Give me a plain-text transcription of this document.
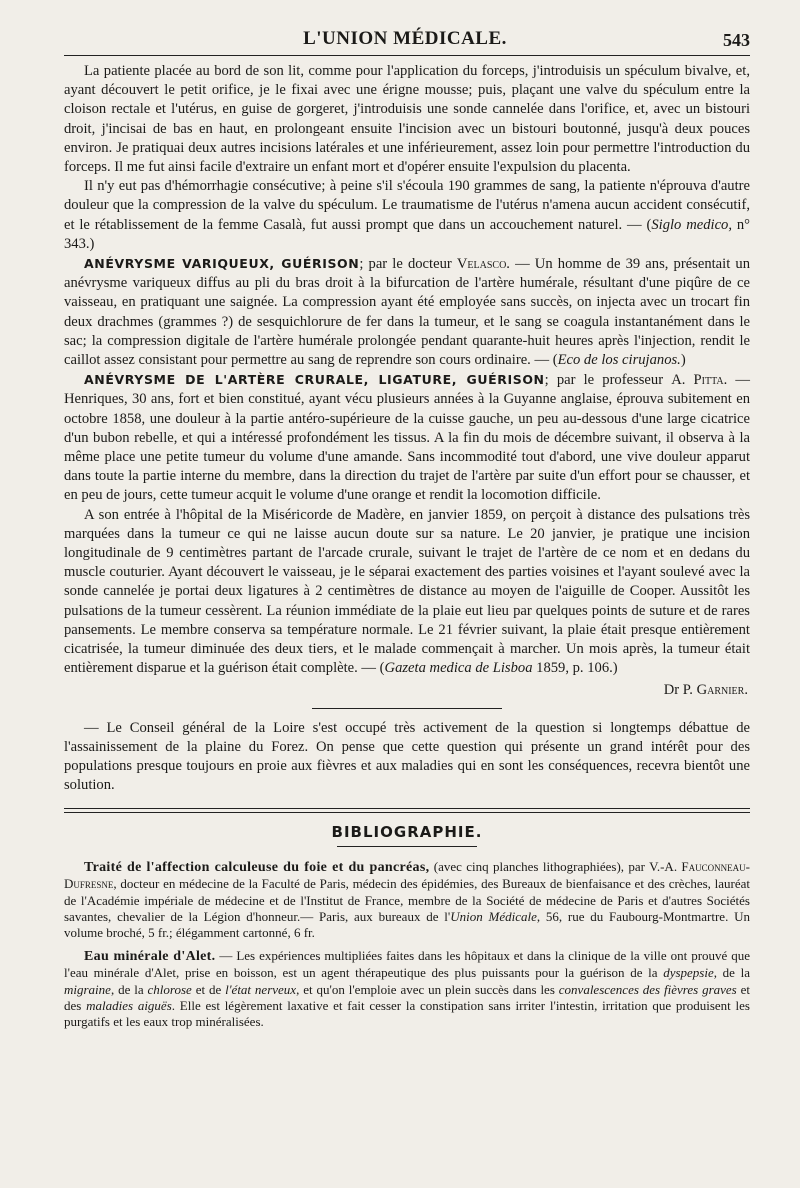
L'UNION MÉDICALE.	543

La patiente placée au bord de son lit, comme pour l'application du forceps, j'introduisis un spéculum bivalve, et, ayant découvert le petit orifice, je le fixai avec une érigne mousse; puis, plaçant une valve du spéculum entre la cloison rectale et l'utérus, en guise de gorgeret, j'introduisis une sonde cannelée dans l'orifice, et, avec un bistouri droit, j'incisai de bas en haut, en prolongeant ensuite l'incision avec un bistouri boutonné, jusqu'à deux pouces environ. Je pratiquai deux autres incisions latérales et une inférieurement, assez loin pour permettre l'introduction du forceps. Il me fut ainsi facile d'extraire un enfant mort et d'opérer ensuite l'expulsion du placenta.

Il n'y eut pas d'hémorrhagie consécutive; à peine s'il s'écoula 190 grammes de sang, la patiente n'éprouva d'autre douleur que la compression de la valve du spéculum. Le traumatisme de l'utérus n'amena aucun accident consécutif, et le rétablissement de la femme Casalà, fut aussi prompt que dans un accouchement naturel. — (Siglo medico, n° 343.)

ANÉVRYSME VARIQUEUX, GUÉRISON; par le docteur Velasco. — Un homme de 39 ans, présentait un anévrysme variqueux diffus au pli du bras droit à la bifurcation de l'artère humérale, résultant d'une piqûre de ce vaisseau, en pratiquant une saignée. La compression ayant été employée sans succès, on injecta avec un trocart fin deux drachmes (grammes ?) de sesquichlorure de fer dans la tumeur, et le sang se coagula instantanément dans le sac; la compression digitale de l'artère humérale prolongée pendant quarante-huit heures après l'injection, rendit le caillot assez consistant pour permettre au sang de reprendre son cours ordinaire. — (Eco de los cirujanos.)

ANÉVRYSME DE L'ARTÈRE CRURALE, LIGATURE, GUÉRISON; par le professeur A. Pitta. — Henriques, 30 ans, fort et bien constitué, ayant vécu plusieurs années à la Guyanne anglaise, éprouva subitement en octobre 1858, une douleur à la partie antéro-supérieure de la cuisse gauche, un peu au-dessous d'une large cicatrice d'un bubon rebelle, et qui a intéressé profondément les tissus. A la fin du mois de décembre suivant, il observa à la même place une petite tumeur du volume d'une amande. Sans incommodité tout d'abord, une vive douleur apparut dans toute la partie interne du membre, dans la direction du trajet de l'artère par suite d'un effort pour se chausser, et en peu de jours, cette tumeur acquit le volume d'une orange et rendit la locomotion difficile.

A son entrée à l'hôpital de la Miséricorde de Madère, en janvier 1859, on perçoit à distance des pulsations très marquées dans la tumeur ce qui ne laisse aucun doute sur sa nature. Le 20 janvier, je pratique une incision longitudinale de 9 centimètres partant de l'arcade crurale, suivant le trajet de l'artère de ce nom et en dedans du muscle couturier. Ayant découvert le vaisseau, je le séparai exactement des parties voisines et l'ayant soulevé avec la sonde cannelée je portai deux ligatures à 2 centimètres de distance au moyen de l'aiguille de Cooper. Aussitôt les pulsations de la tumeur cessèrent. La réunion immédiate de la plaie eut lieu par quelques points de suture et de rares pansements. Le membre conserva sa température normale. Le 21 février suivant, la plaie était presque entièrement cicatrisée, la tumeur diminuée des deux tiers, et le malade commençait à marcher. Un mois après, la tumeur était entièrement disparue et la guérison était complète. — (Gazeta medica de Lisboa 1859, p. 106.)

Dr P. Garnier.

— Le Conseil général de la Loire s'est occupé très activement de la question si longtemps débattue de l'assainissement de la plaine du Forez. On pense que cette question qui présente un grand intérêt pour des populations presque toujours en proie aux fièvres et aux maladies qui en sont les conséquences, recevra bientôt une solution.

BIBLIOGRAPHIE.

Traité de l'affection calculeuse du foie et du pancréas, (avec cinq planches lithographiées), par V.-A. Fauconneau-Dufresne, docteur en médecine de la Faculté de Paris, médecin des épidémies, des Bureaux de bienfaisance et des crèches, lauréat de l'Académie impériale de médecine et de l'Institut de France, membre de la Société de médecine de Paris et d'autres Sociétés savantes, chevalier de la Légion d'honneur.— Paris, aux bureaux de l'Union Médicale, 56, rue du Faubourg-Montmartre. Un volume broché, 5 fr.; élégamment cartonné, 6 fr.

Eau minérale d'Alet. — Les expériences multipliées faites dans les hôpitaux et dans la clinique de la ville ont prouvé que l'eau minérale d'Alet, prise en boisson, est un agent thérapeutique des plus puissants pour la guérison de la dyspepsie, de la migraine, de la chlorose et de l'état nerveux, et qu'on l'emploie avec un plein succès dans les convalescences des fièvres graves et des maladies aiguës. Elle est légèrement laxative et fait cesser la constipation sans irriter l'intestin, irritation que produisent les purgatifs et les eaux trop minéralisées.
